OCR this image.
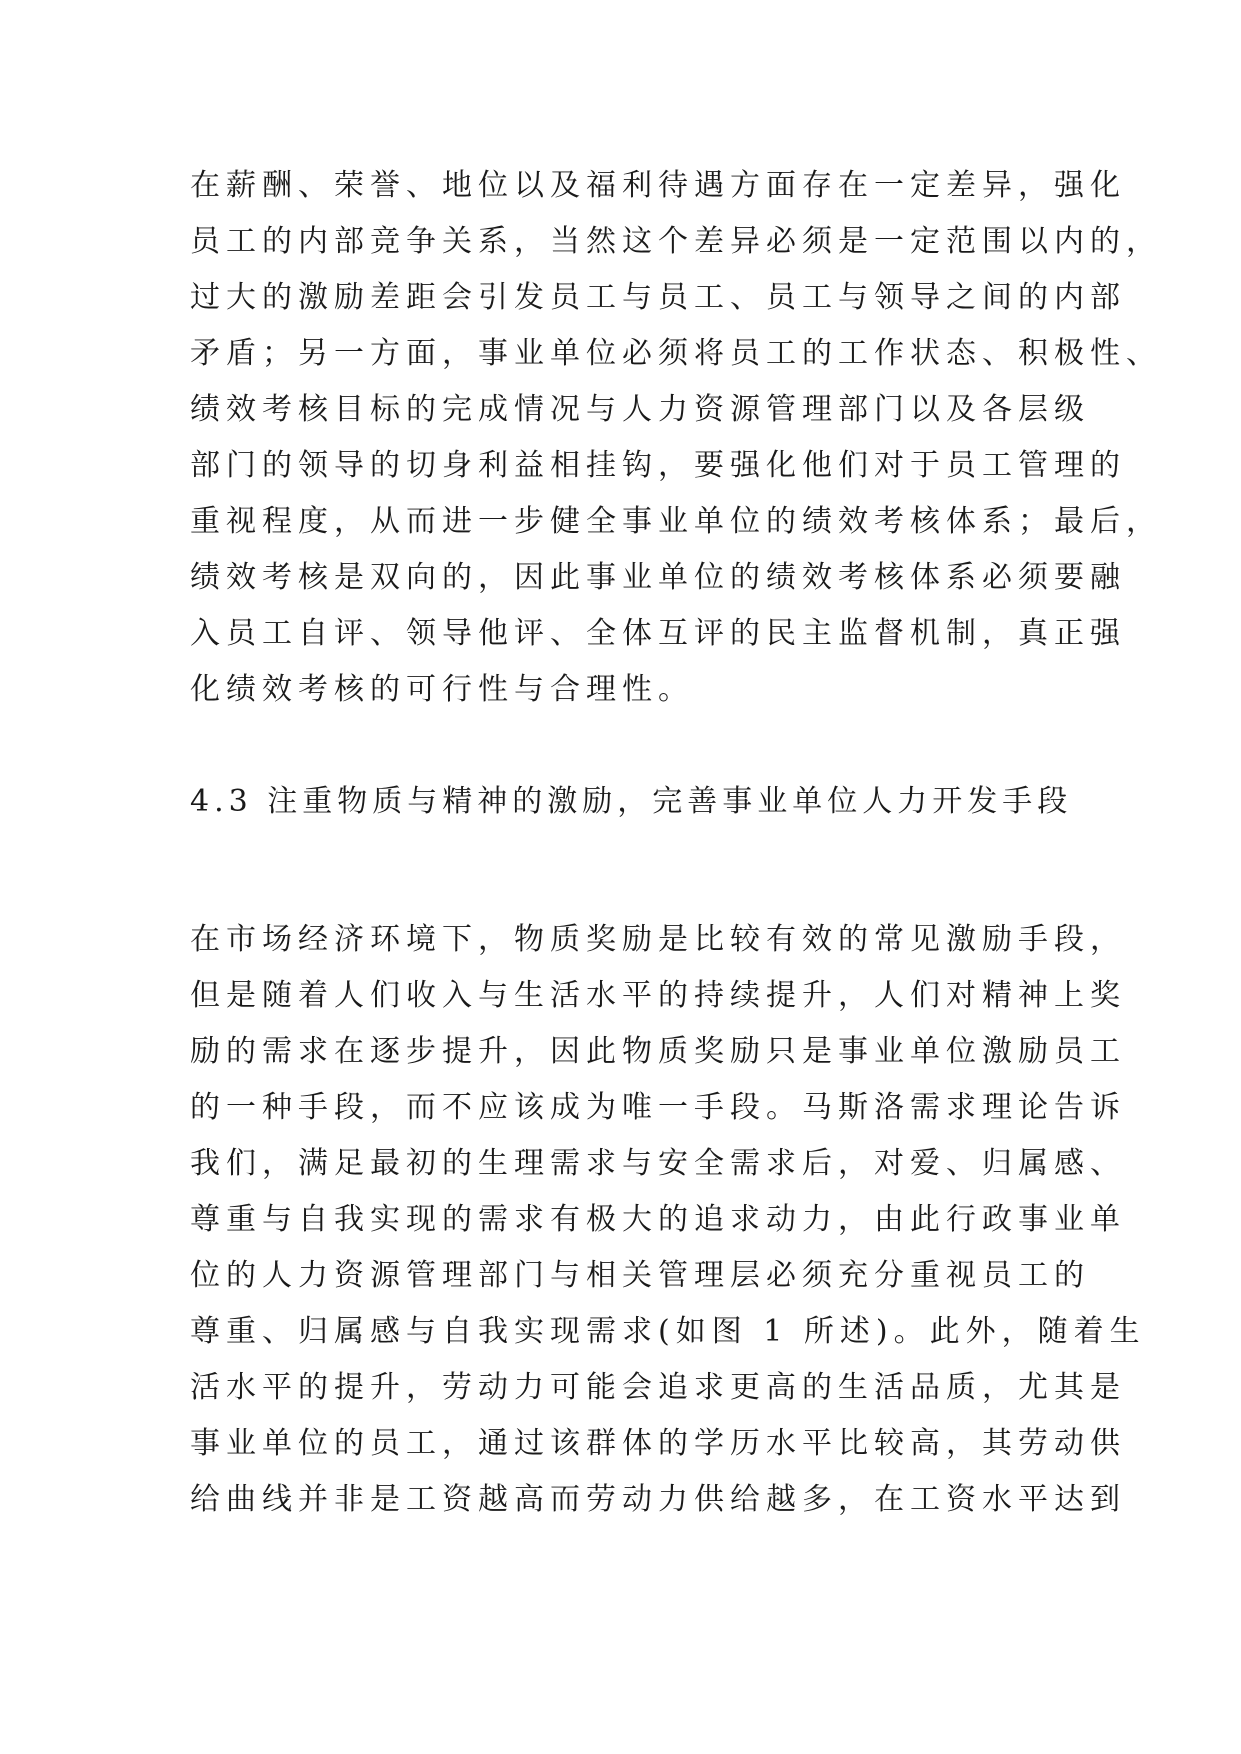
在薪酬、荣誉、地位以及福利待遇方面存在一定差异，强化
员工的内部竞争关系，当然这个差异必须是一定范围以内的，
过大的激励差距会引发员工与员工、员工与领导之间的内部
矛盾；另一方面，事业单位必须将员工的工作状态、积极性、
绩效考核目标的完成情况与人力资源管理部门以及各层级
部门的领导的切身利益相挂钩，要强化他们对于员工管理的
重视程度，从而进一步健全事业单位的绩效考核体系；最后，
绩效考核是双向的，因此事业单位的绩效考核体系必须要融
入员工自评、领导他评、全体互评的民主监督机制，真正强
化绩效考核的可行性与合理性。
4.3 注重物质与精神的激励，完善事业单位人力开发手段
在市场经济环境下，物质奖励是比较有效的常见激励手段，
但是随着人们收入与生活水平的持续提升，人们对精神上奖
励的需求在逐步提升，因此物质奖励只是事业单位激励员工
的一种手段，而不应该成为唯一手段。马斯洛需求理论告诉
我们，满足最初的生理需求与安全需求后，对爱、归属感、
尊重与自我实现的需求有极大的追求动力，由此行政事业单
位的人力资源管理部门与相关管理层必须充分重视员工的
尊重、归属感与自我实现需求(如图 1 所述)。此外，随着生
活水平的提升，劳动力可能会追求更高的生活品质，尤其是
事业单位的员工，通过该群体的学历水平比较高，其劳动供
给曲线并非是工资越高而劳动力供给越多，在工资水平达到
